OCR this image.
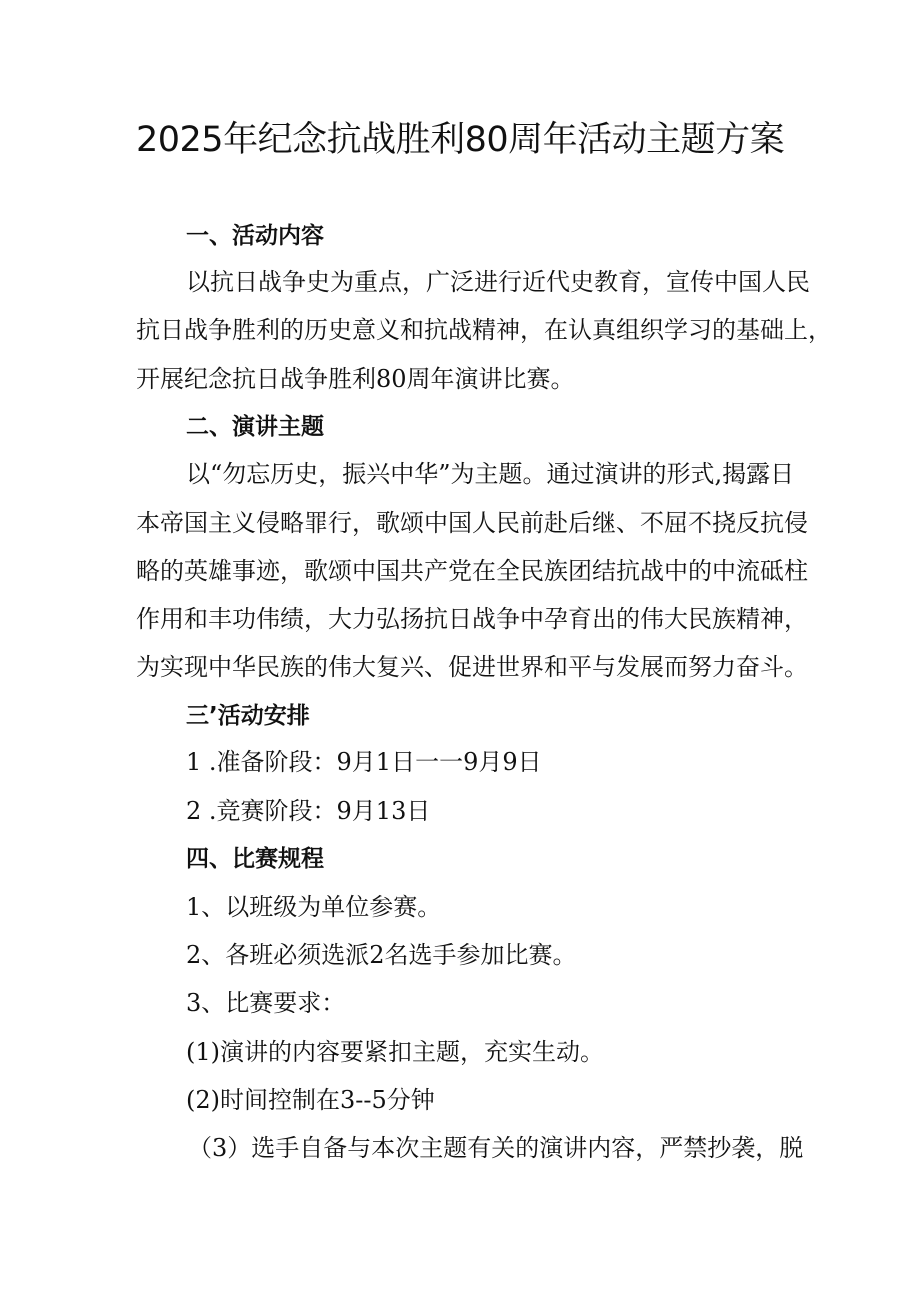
2025年纪念抗战胜利80周年活动主题方案
一、活动内容
以抗日战争史为重点，广泛进行近代史教育，宣传中国人民
抗日战争胜利的历史意义和抗战精神，在认真组织学习的基础上，
开展纪念抗日战争胜利80周年演讲比赛。
二、演讲主题
以“勿忘历史，振兴中华”为主题。通过演讲的形式,揭露日
本帝国主义侵略罪行，歌颂中国人民前赴后继、不屈不挠反抗侵
略的英雄事迹，歌颂中国共产党在全民族团结抗战中的中流砥柱
作用和丰功伟绩，大力弘扬抗日战争中孕育出的伟大民族精神，
为实现中华民族的伟大复兴、促进世界和平与发展而努力奋斗。
三’活动安排
1 .准备阶段：9月1日一一9月9日
2 .竞赛阶段：9月13日
四、比赛规程
1、以班级为单位参赛。
2、各班必须选派2名选手参加比赛。
3、比赛要求：
(1)演讲的内容要紧扣主题，充实生动。
(2)时间控制在3--5分钟
（3）选手自备与本次主题有关的演讲内容，严禁抄袭，脱
